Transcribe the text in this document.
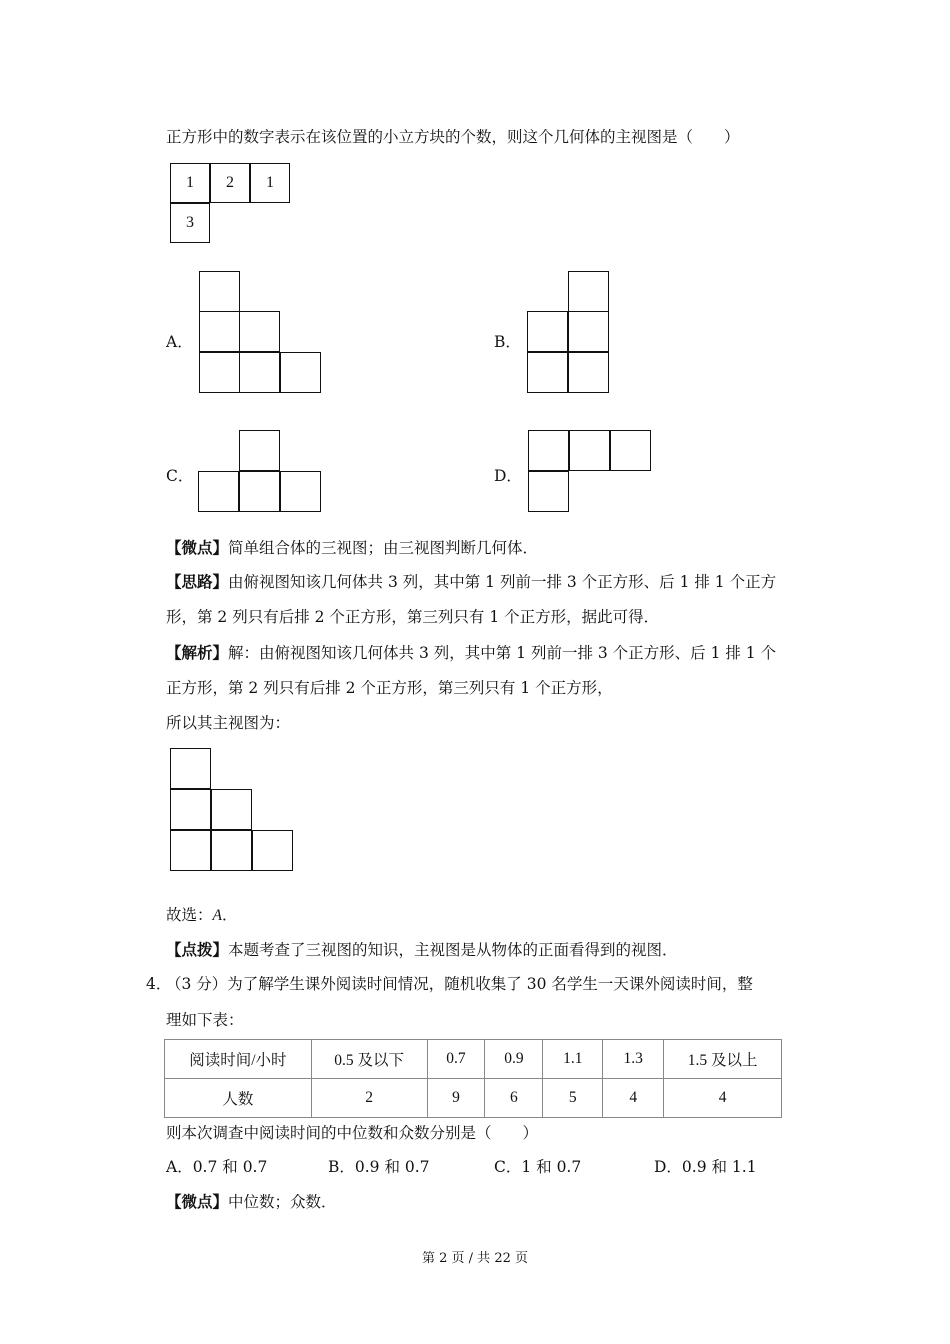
正方形中的数字表示在该位置的小立方块的个数，则这个几何体的主视图是（　　）
1	2	1
3
A．	B．
C．	D．
【微点】简单组合体的三视图；由三视图判断几何体．
【思路】由俯视图知该几何体共 3 列，其中第 1 列前一排 3 个正方形、后 1 排 1 个正方
形，第 2 列只有后排 2 个正方形，第三列只有 1 个正方形，据此可得．
【解析】解：由俯视图知该几何体共 3 列，其中第 1 列前一排 3 个正方形、后 1 排 1 个
正方形，第 2 列只有后排 2 个正方形，第三列只有 1 个正方形，
所以其主视图为：
故选：A．
【点拨】本题考查了三视图的知识，主视图是从物体的正面看得到的视图．
4．
（3 分）为了解学生课外阅读时间情况，随机收集了 30 名学生一天课外阅读时间，整
理如下表：
阅读时间/小时	0.5 及以下	0.7	0.9	1.1	1.3	1.5 及以上
人数	2	9	6	5	4	4
则本次调查中阅读时间的中位数和众数分别是（　　）
A．0.7 和 0.7	B．0.9 和 0.7	C．1 和 0.7	D．0.9 和 1.1
【微点】中位数；众数．
第 2 页 / 共 22 页
